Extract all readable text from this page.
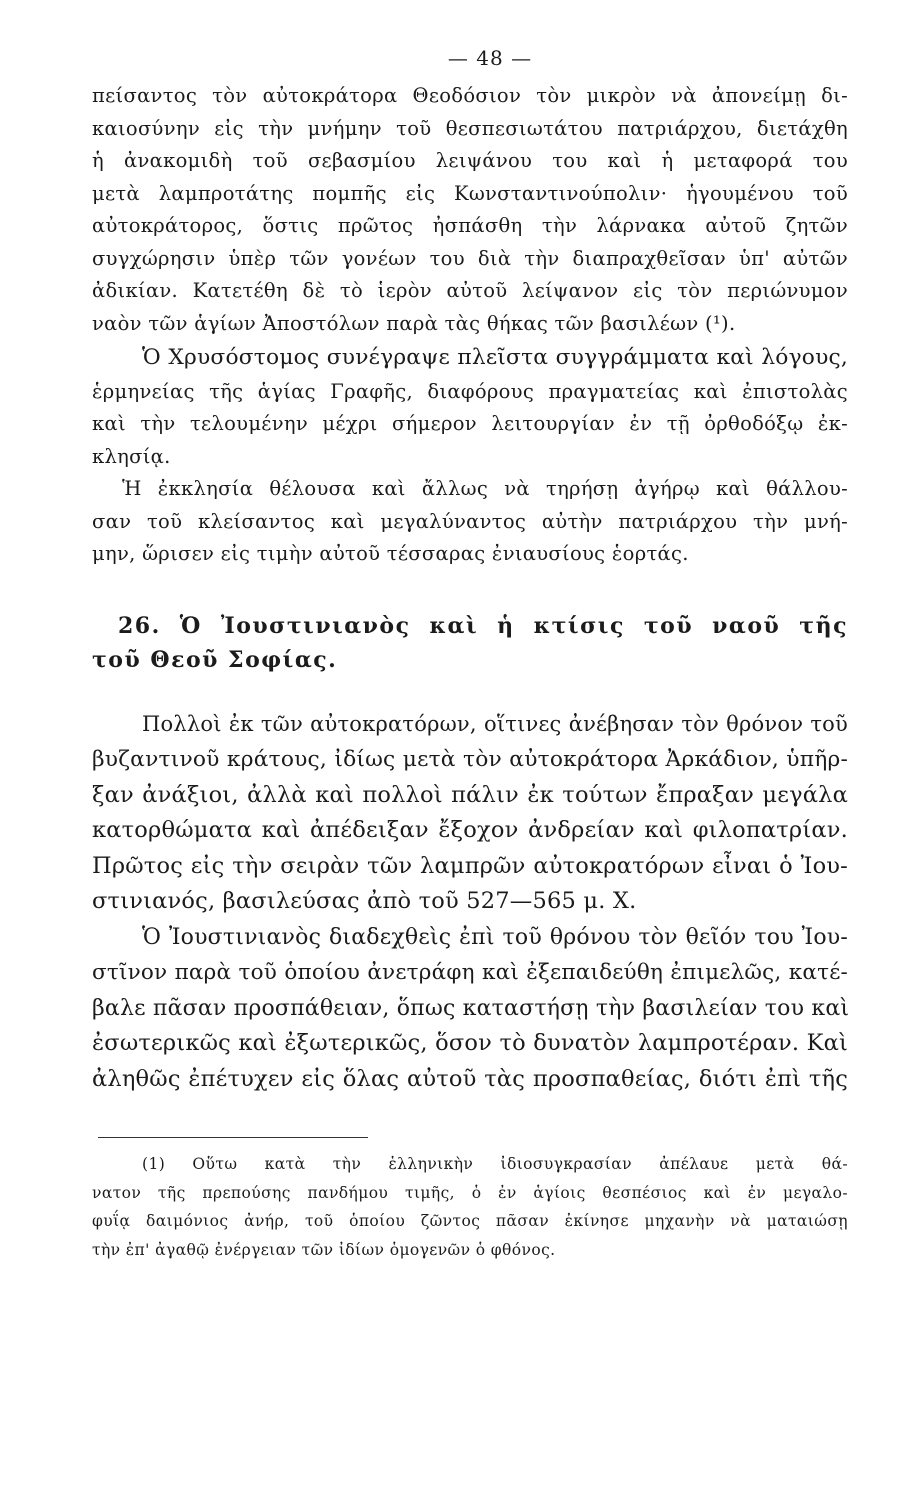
— 48 —
πείσαντος τὸν αὐτοκράτορα Θεοδόσιον τὸν μικρὸν νὰ ἀπονείμῃ δι-
καιοσύνην εἰς τὴν μνήμην τοῦ θεσπεσιωτάτου πατριάρχου, διετάχθη
ἡ ἀνακομιδὴ τοῦ σεβασμίου λειψάνου του καὶ ἡ μεταφορά του
μετὰ λαμπροτάτης πομπῆς εἰς Κωνσταντινούπολιν· ἡγουμένου τοῦ
αὐτοκράτορος, ὅστις πρῶτος ἠσπάσθη τὴν λάρνακα αὐτοῦ ζητῶν
συγχώρησιν ὑπὲρ τῶν γονέων του διὰ τὴν διαπραχθεῖσαν ὑπ' αὐτῶν
ἀδικίαν. Κατετέθη δὲ τὸ ἱερὸν αὐτοῦ λείψανον εἰς τὸν περιώνυμον
ναὸν τῶν ἁγίων Ἀποστόλων παρὰ τὰς θήκας τῶν βασιλέων (¹).
Ὁ Χρυσόστομος συνέγραψε πλεῖστα συγγράμματα καὶ λόγους,
ἑρμηνείας τῆς ἁγίας Γραφῆς, διαφόρους πραγματείας καὶ ἐπιστολὰς
καὶ τὴν τελουμένην μέχρι σήμερον λειτουργίαν ἐν τῇ ὀρθοδόξῳ ἐκ-
κλησίᾳ.
Ἡ ἐκκλησία θέλουσα καὶ ἄλλως νὰ τηρήσῃ ἀγήρῳ καὶ θάλλου-
σαν τοῦ κλείσαντος καὶ μεγαλύναντος αὐτὴν πατριάρχου τὴν μνή-
μην, ὥρισεν εἰς τιμὴν αὐτοῦ τέσσαρας ἐνιαυσίους ἑορτάς.
26. Ὁ Ἰουστινιανὸς καὶ ἡ κτίσις τοῦ ναοῦ τῆς
τοῦ Θεοῦ Σοφίας.
Πολλοὶ ἐκ τῶν αὐτοκρατόρων, οἵτινες ἀνέβησαν τὸν θρόνον τοῦ
βυζαντινοῦ κράτους, ἰδίως μετὰ τὸν αὐτοκράτορα Ἀρκάδιον, ὑπῆρ-
ξαν ἀνάξιοι, ἀλλὰ καὶ πολλοὶ πάλιν ἐκ τούτων ἔπραξαν μεγάλα
κατορθώματα καὶ ἀπέδειξαν ἔξοχον ἀνδρείαν καὶ φιλοπατρίαν.
Πρῶτος εἰς τὴν σειρὰν τῶν λαμπρῶν αὐτοκρατόρων εἶναι ὁ Ἰου-
στινιανός, βασιλεύσας ἀπὸ τοῦ 527—565 μ. Χ.
Ὁ Ἰουστινιανὸς διαδεχθεὶς ἐπὶ τοῦ θρόνου τὸν θεῖόν του Ἰου-
στῖνον παρὰ τοῦ ὁποίου ἀνετράφη καὶ ἐξεπαιδεύθη ἐπιμελῶς, κατέ-
βαλε πᾶσαν προσπάθειαν, ὅπως καταστήσῃ τὴν βασιλείαν του καὶ
ἐσωτερικῶς καὶ ἐξωτερικῶς, ὅσον τὸ δυνατὸν λαμπροτέραν. Καὶ
ἀληθῶς ἐπέτυχεν εἰς ὅλας αὐτοῦ τὰς προσπαθείας, διότι ἐπὶ τῆς
(1) Οὕτω κατὰ τὴν ἑλληνικὴν ἰδιοσυγκρασίαν ἀπέλαυε μετὰ θά-
νατον τῆς πρεπούσης πανδήμου τιμῆς, ὁ ἐν ἁγίοις θεσπέσιος καὶ ἐν μεγαλο-
φυΐᾳ δαιμόνιος ἀνήρ, τοῦ ὁποίου ζῶντος πᾶσαν ἐκίνησε μηχανὴν νὰ ματαιώσῃ
τὴν ἐπ' ἀγαθῷ ἐνέργειαν τῶν ἰδίων ὁμογενῶν ὁ φθόνος.
